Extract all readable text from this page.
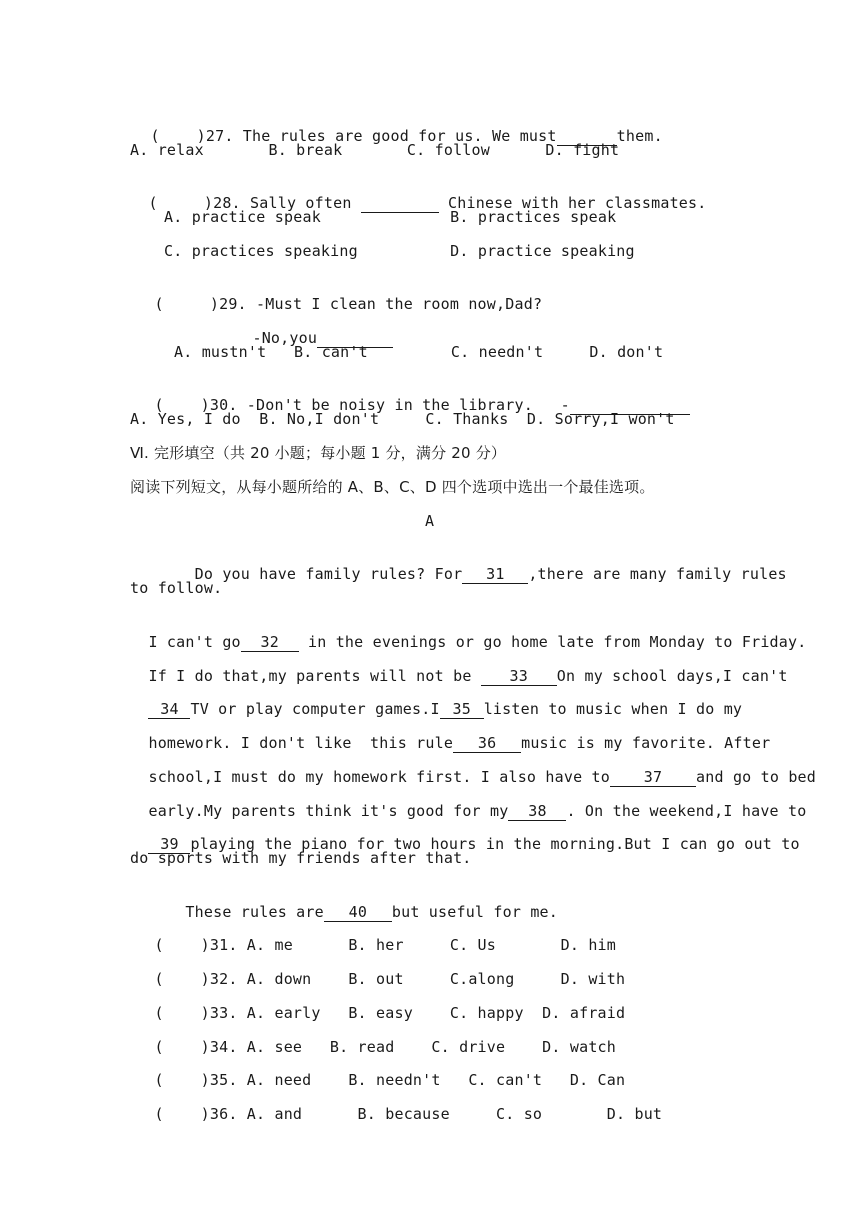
(    )27. The rules are good for us. We must	them.

A. relax       B. break       C. follow      D. fight

(     )28. Sally often	Chinese with her classmates.

A. practice speak              B. practices speak
C. practices speaking          D. practice speaking

(     )29. -Must I clean the room now,Dad?

-No,you

A. mustn't   B. can't         C. needn't     D. don't

(    )30. -Don't be noisy in the library.   -

A. Yes, I do  B. No,I don't     C. Thanks  D. Sorry,I won't
Ⅵ. 完形填空（共 20 小题；每小题 1 分，满分 20 分）
阅读下列短文，从每小题所给的 A、B、C、D 四个选项中选出一个最佳选项。
A

Do you have family rules? For 31 ,there are many family rules

to follow.

I can't go 32 in the evenings or go home late from Monday to Friday.

If I do that,my parents will not be 33 On my school days,I can't

34 TV or play computer games.I 35 listen to music when I do my

homework. I don't like  this rule 36 music is my favorite. After

school,I must do my homework first. I also have to 37 and go to bed

early.My parents think it's good for my 38 . On the weekend,I have to

39 playing the piano for two hours in the morning.But I can go out to

do sports with my friends after that.

These rules are 40 but useful for me.

(    )31. A. me      B. her     C. Us       D. him

(    )32. A. down    B. out     C.along     D. with

(    )33. A. early   B. easy    C. happy  D. afraid

(    )34. A. see   B. read    C. drive    D. watch

(    )35. A. need    B. needn't   C. can't   D. Can

(    )36. A. and      B. because     C. so       D. but
